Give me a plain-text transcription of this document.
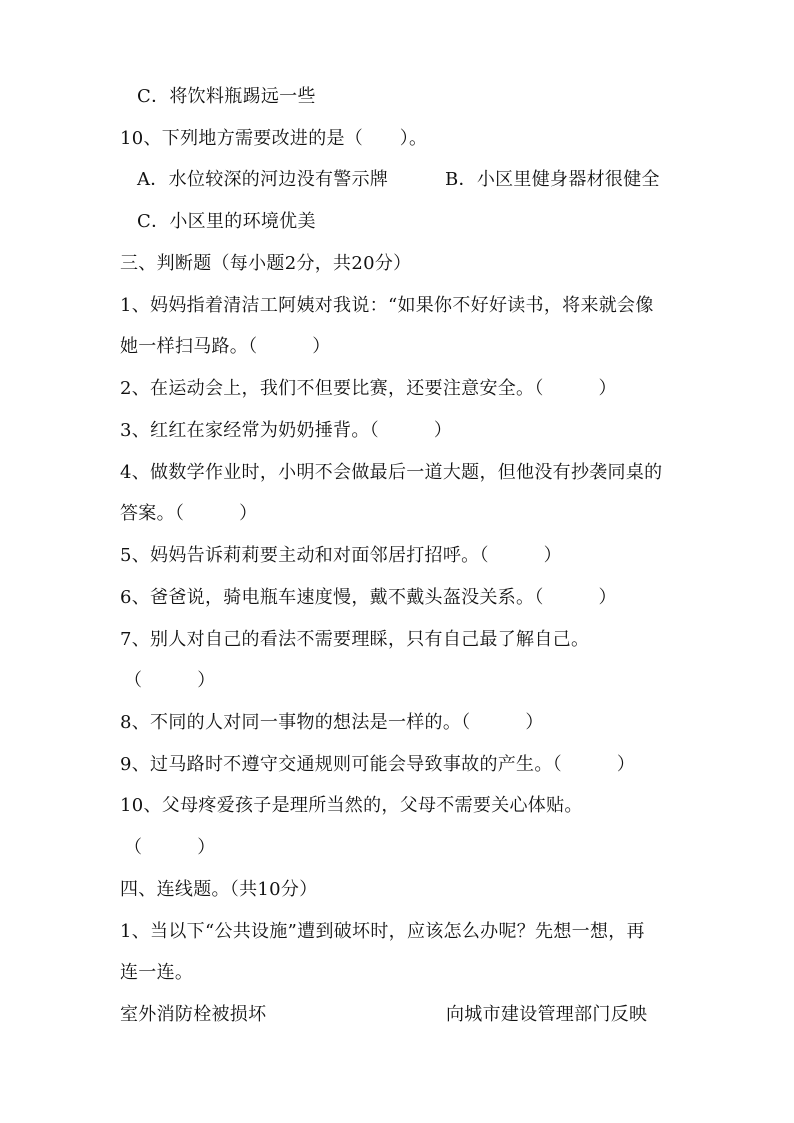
C．将饮料瓶踢远一些
10、下列地方需要改进的是（　　）。
A．水位较深的河边没有警示牌	B．小区里健身器材很健全
C．小区里的环境优美
三、判断题（每小题2分，共20分）
1、妈妈指着清洁工阿姨对我说：“如果你不好好读书，将来就会像
她一样扫马路。（　　　）
2、在运动会上，我们不但要比赛，还要注意安全。（　　　）
3、红红在家经常为奶奶捶背。（　　　）
4、做数学作业时，小明不会做最后一道大题，但他没有抄袭同桌的
答案。（　　　）
5、妈妈告诉莉莉要主动和对面邻居打招呼。（　　　）
6、爸爸说，骑电瓶车速度慢，戴不戴头盔没关系。（　　　）
7、别人对自己的看法不需要理睬，只有自己最了解自己。
（　　　）
8、不同的人对同一事物的想法是一样的。（　　　）
9、过马路时不遵守交通规则可能会导致事故的产生。（　　　）
10、父母疼爱孩子是理所当然的，父母不需要关心体贴。
（　　　）
四、连线题。（共10分）
1、当以下“公共设施”遭到破坏时，应该怎么办呢？先想一想，再
连一连。
室外消防栓被损坏	向城市建设管理部门反映
